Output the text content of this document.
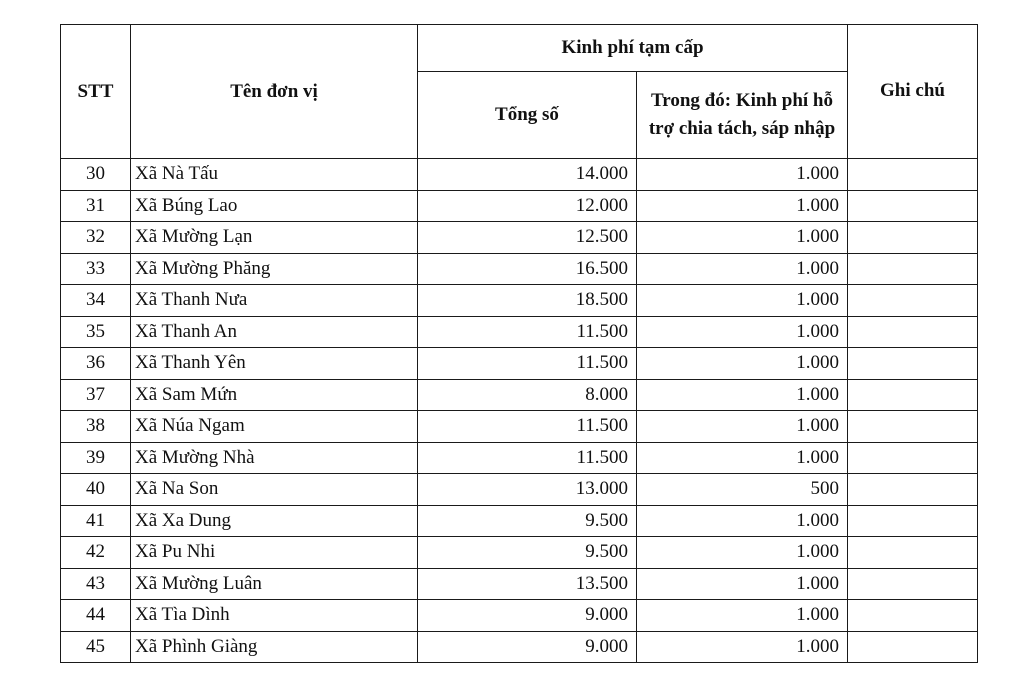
STT	Tên đơn vị	Kinh phí tạm cấp		Ghi chú
		Tổng số	Trong đó: Kinh phí hỗ trợ chia tách, sáp nhập	
30	Xã Nà Tấu	14.000	1.000	
31	Xã Búng Lao	12.000	1.000	
32	Xã Mường Lạn	12.500	1.000	
33	Xã Mường Phăng	16.500	1.000	
34	Xã Thanh Nưa	18.500	1.000	
35	Xã Thanh An	11.500	1.000	
36	Xã Thanh Yên	11.500	1.000	
37	Xã Sam Mứn	8.000	1.000	
38	Xã Núa Ngam	11.500	1.000	
39	Xã Mường Nhà	11.500	1.000	
40	Xã Na Son	13.000	500	
41	Xã Xa Dung	9.500	1.000	
42	Xã Pu Nhi	9.500	1.000	
43	Xã Mường Luân	13.500	1.000	
44	Xã Tìa Dình	9.000	1.000	
45	Xã Phình Giàng	9.000	1.000	
